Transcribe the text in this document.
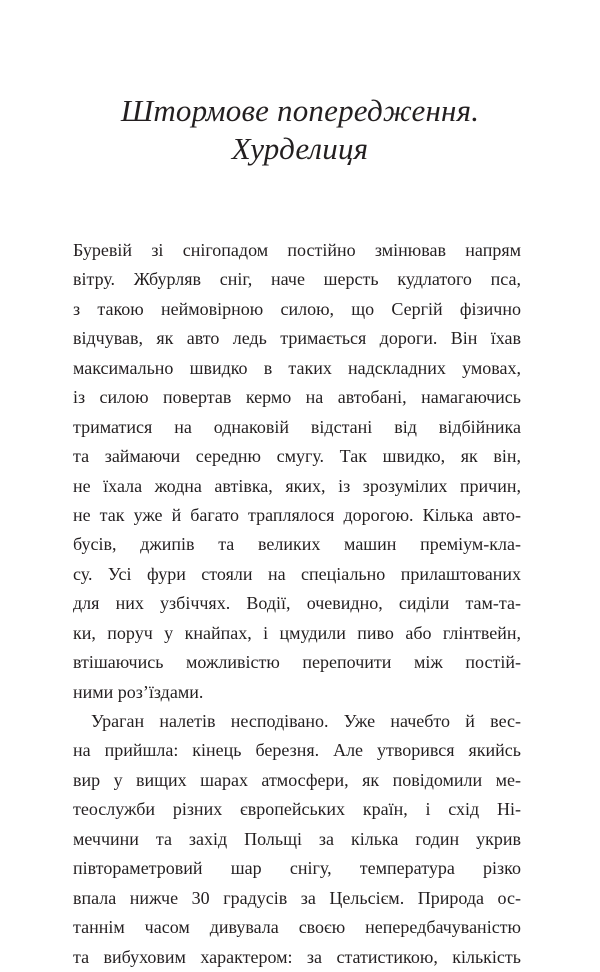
Штормове попередження.
Хурделиця
Буревій зі снігопадом постійно змінював напрям
вітру. Жбурляв сніг, наче шерсть кудлатого пса,
з такою неймовірною силою, що Сергій фізично
відчував, як авто ледь тримається дороги. Він їхав
максимально швидко в таких надскладних умовах,
із силою повертав кермо на автобані, намагаючись
триматися на однаковій відстані від відбійника
та займаючи середню смугу. Так швидко, як він,
не їхала жодна автівка, яких, із зрозумілих причин,
не так уже й багато траплялося дорогою. Кілька авто-
бусів, джипів та великих машин преміум-кла-
су. Усі фури стояли на спеціально прилаштованих
для них узбіччях. Водії, очевидно, сиділи там-та-
ки, поруч у кнайпах, і цмудили пиво або глінтвейн,
втішаючись можливістю перепочити між постій-
ними роз’їздами.
Ураган налетів несподівано. Уже начебто й вес-
на прийшла: кінець березня. Але утворився якийсь
вир у вищих шарах атмосфери, як повідомили ме-
теослужби різних європейських країн, і схід Ні-
меччини та захід Польщі за кілька годин укрив
півтораметровий шар снігу, температура різко
впала нижче 30 градусів за Цельсієм. Природа ос-
таннім часом дивувала своєю непередбачуваністю
та вибуховим характером: за статистикою, кількість
